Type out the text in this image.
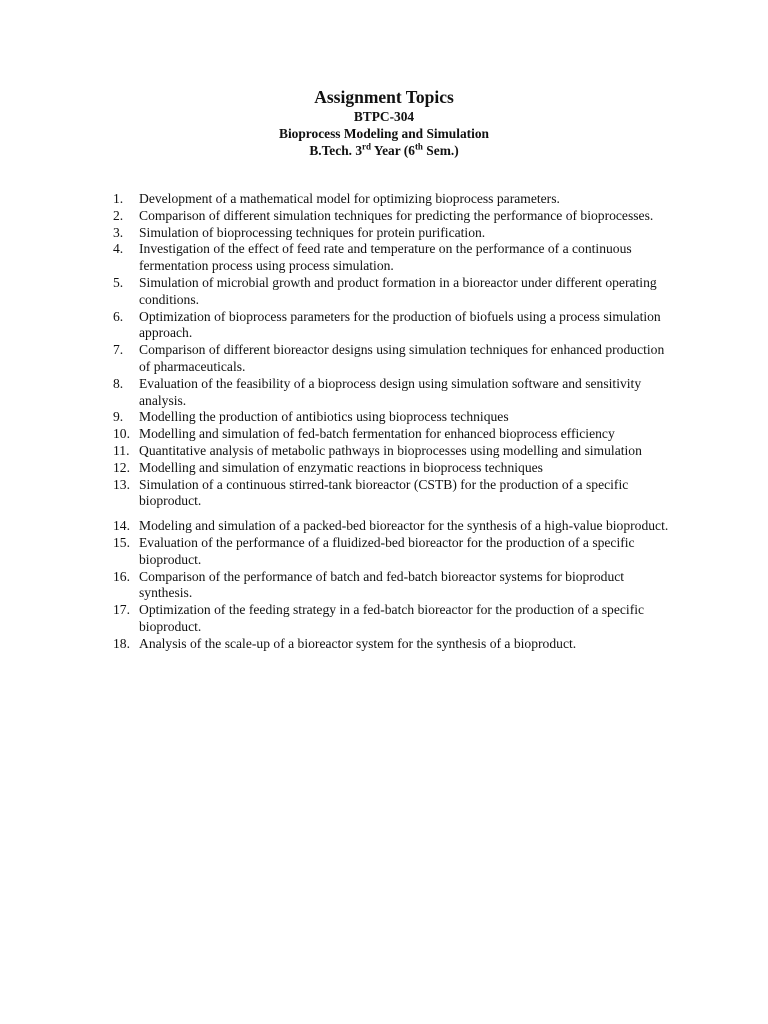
Assignment Topics

BTPC-304

Bioprocess Modeling and Simulation

B.Tech. 3rd Year (6th Sem.)

1.	Development of a mathematical model for optimizing bioprocess parameters.
2.	Comparison of different simulation techniques for predicting the performance of bioprocesses.
3.	Simulation of bioprocessing techniques for protein purification.
4.	Investigation of the effect of feed rate and temperature on the performance of a continuous fermentation process using process simulation.
5.	Simulation of microbial growth and product formation in a bioreactor under different operating conditions.
6.	Optimization of bioprocess parameters for the production of biofuels using a process simulation approach.
7.	Comparison of different bioreactor designs using simulation techniques for enhanced production of pharmaceuticals.
8.	Evaluation of the feasibility of a bioprocess design using simulation software and sensitivity analysis.
9.	Modelling the production of antibiotics using bioprocess techniques
10. Modelling and simulation of fed-batch fermentation for enhanced bioprocess efficiency
11. Quantitative analysis of metabolic pathways in bioprocesses using modelling and simulation
12. Modelling and simulation of enzymatic reactions in bioprocess techniques
13. Simulation of a continuous stirred-tank bioreactor (CSTB) for the production of a specific bioproduct.
14. Modeling and simulation of a packed-bed bioreactor for the synthesis of a high-value bioproduct.
15. Evaluation of the performance of a fluidized-bed bioreactor for the production of a specific bioproduct.
16. Comparison of the performance of batch and fed-batch bioreactor systems for bioproduct synthesis.
17. Optimization of the feeding strategy in a fed-batch bioreactor for the production of a specific bioproduct.
18. Analysis of the scale-up of a bioreactor system for the synthesis of a bioproduct.
